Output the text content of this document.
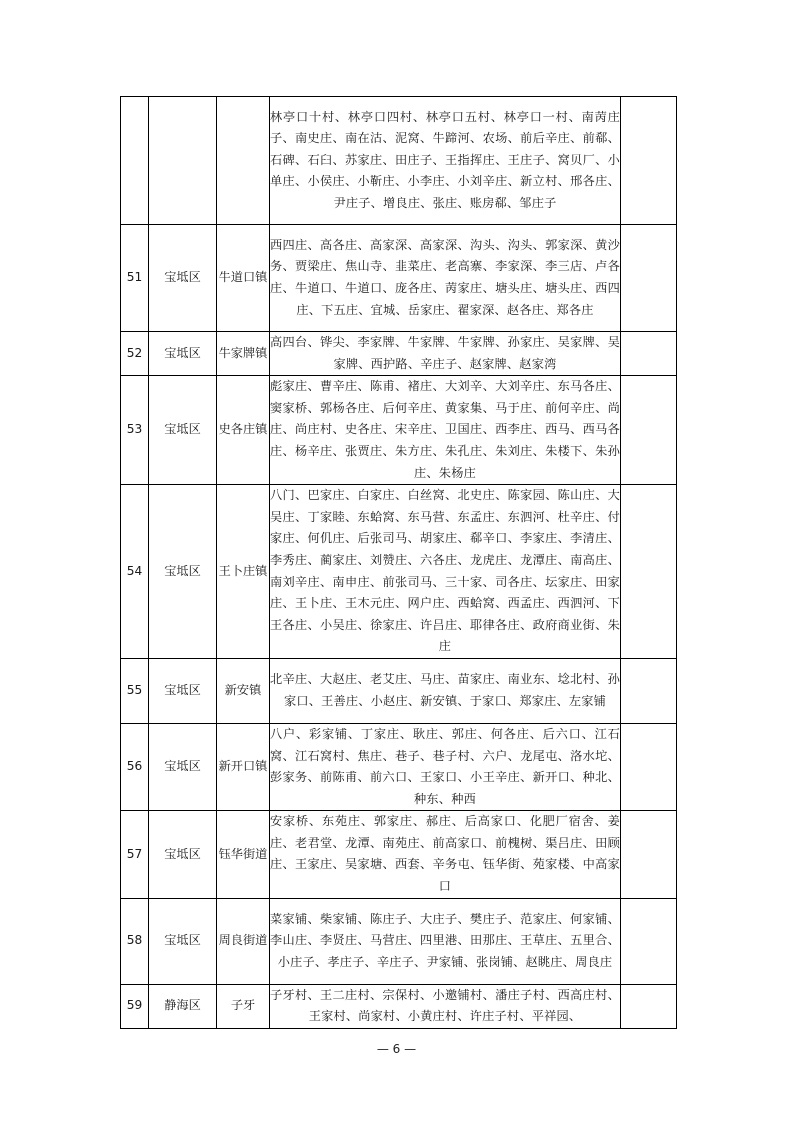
			林亭口十村、林亭口四村、林亭口五村、林亭口一村、南苪庄子、南史庄、南在沽、泥窝、牛蹄河、农场、前后辛庄、前郗、石碑、石臼、苏家庄、田庄子、王指挥庄、王庄子、窝贝厂、小单庄、小侯庄、小靳庄、小李庄、小刘辛庄、新立村、邢各庄、尹庄子、增良庄、张庄、账房郗、邹庄子	

51	宝坻区	牛道口镇	西四庄、高各庄、高家深、高家深、沟头、沟头、郭家深、黄沙务、贾梁庄、焦山寺、韭菜庄、老高寨、李家深、李三店、卢各庄、牛道口、牛道口、庞各庄、苪家庄、塘头庄、塘头庄、西四庄、下五庄、宜城、岳家庄、翟家深、赵各庄、郑各庄	

52	宝坻区	牛家牌镇	高四台、铧尖、李家牌、牛家牌、牛家牌、孙家庄、吴家牌、吴家牌、西护路、辛庄子、赵家牌、赵家湾	

53	宝坻区	史各庄镇	彪家庄、曹辛庄、陈甫、褚庄、大刘辛、大刘辛庄、东马各庄、窦家桥、郭杨各庄、后何辛庄、黄家集、马于庄、前何辛庄、尚庄、尚庄村、史各庄、宋辛庄、卫国庄、西李庄、西马、西马各庄、杨辛庄、张贾庄、朱方庄、朱孔庄、朱刘庄、朱楼下、朱孙庄、朱杨庄	

54	宝坻区	王卜庄镇	八门、巴家庄、白家庄、白丝窝、北史庄、陈家园、陈山庄、大吴庄、丁家睦、东蛤窝、东马营、东孟庄、东泗河、杜辛庄、付家庄、何仉庄、后张司马、胡家庄、郗辛口、李家庄、李清庄、李秀庄、蔺家庄、刘赞庄、六各庄、龙虎庄、龙潭庄、南高庄、南刘辛庄、南申庄、前张司马、三十家、司各庄、坛家庄、田家庄、王卜庄、王木元庄、网户庄、西蛤窝、西孟庄、西泗河、下王各庄、小吴庄、徐家庄、许吕庄、耶律各庄、政府商业街、朱庄	

55	宝坻区	新安镇	北辛庄、大赵庄、老艾庄、马庄、苗家庄、南业东、埝北村、孙家口、王善庄、小赵庄、新安镇、于家口、郑家庄、左家铺	

56	宝坻区	新开口镇	八户、彩家铺、丁家庄、耿庄、郭庄、何各庄、后六口、江石窝、江石窝村、焦庄、巷子、巷子村、六户、龙尾屯、洛水坨、彭家务、前陈甫、前六口、王家口、小王辛庄、新开口、种北、种东、种西	

57	宝坻区	钰华街道	安家桥、东苑庄、郭家庄、郝庄、后高家口、化肥厂宿舍、姜庄、老君堂、龙潭、南苑庄、前高家口、前槐树、渠吕庄、田顾庄、王家庄、吴家塘、西套、辛务屯、钰华街、苑家楼、中高家口	

58	宝坻区	周良街道	菜家铺、柴家铺、陈庄子、大庄子、樊庄子、范家庄、何家铺、李山庄、李贤庄、马营庄、四里港、田那庄、王草庄、五里合、小庄子、孝庄子、辛庄子、尹家铺、张岗铺、赵眺庄、周良庄	

59	静海区	子牙	子牙村、王二庄村、宗保村、小邀铺村、潘庄子村、西高庄村、王家村、尚家村、小黄庄村、许庄子村、平祥园、	

— 6 —
